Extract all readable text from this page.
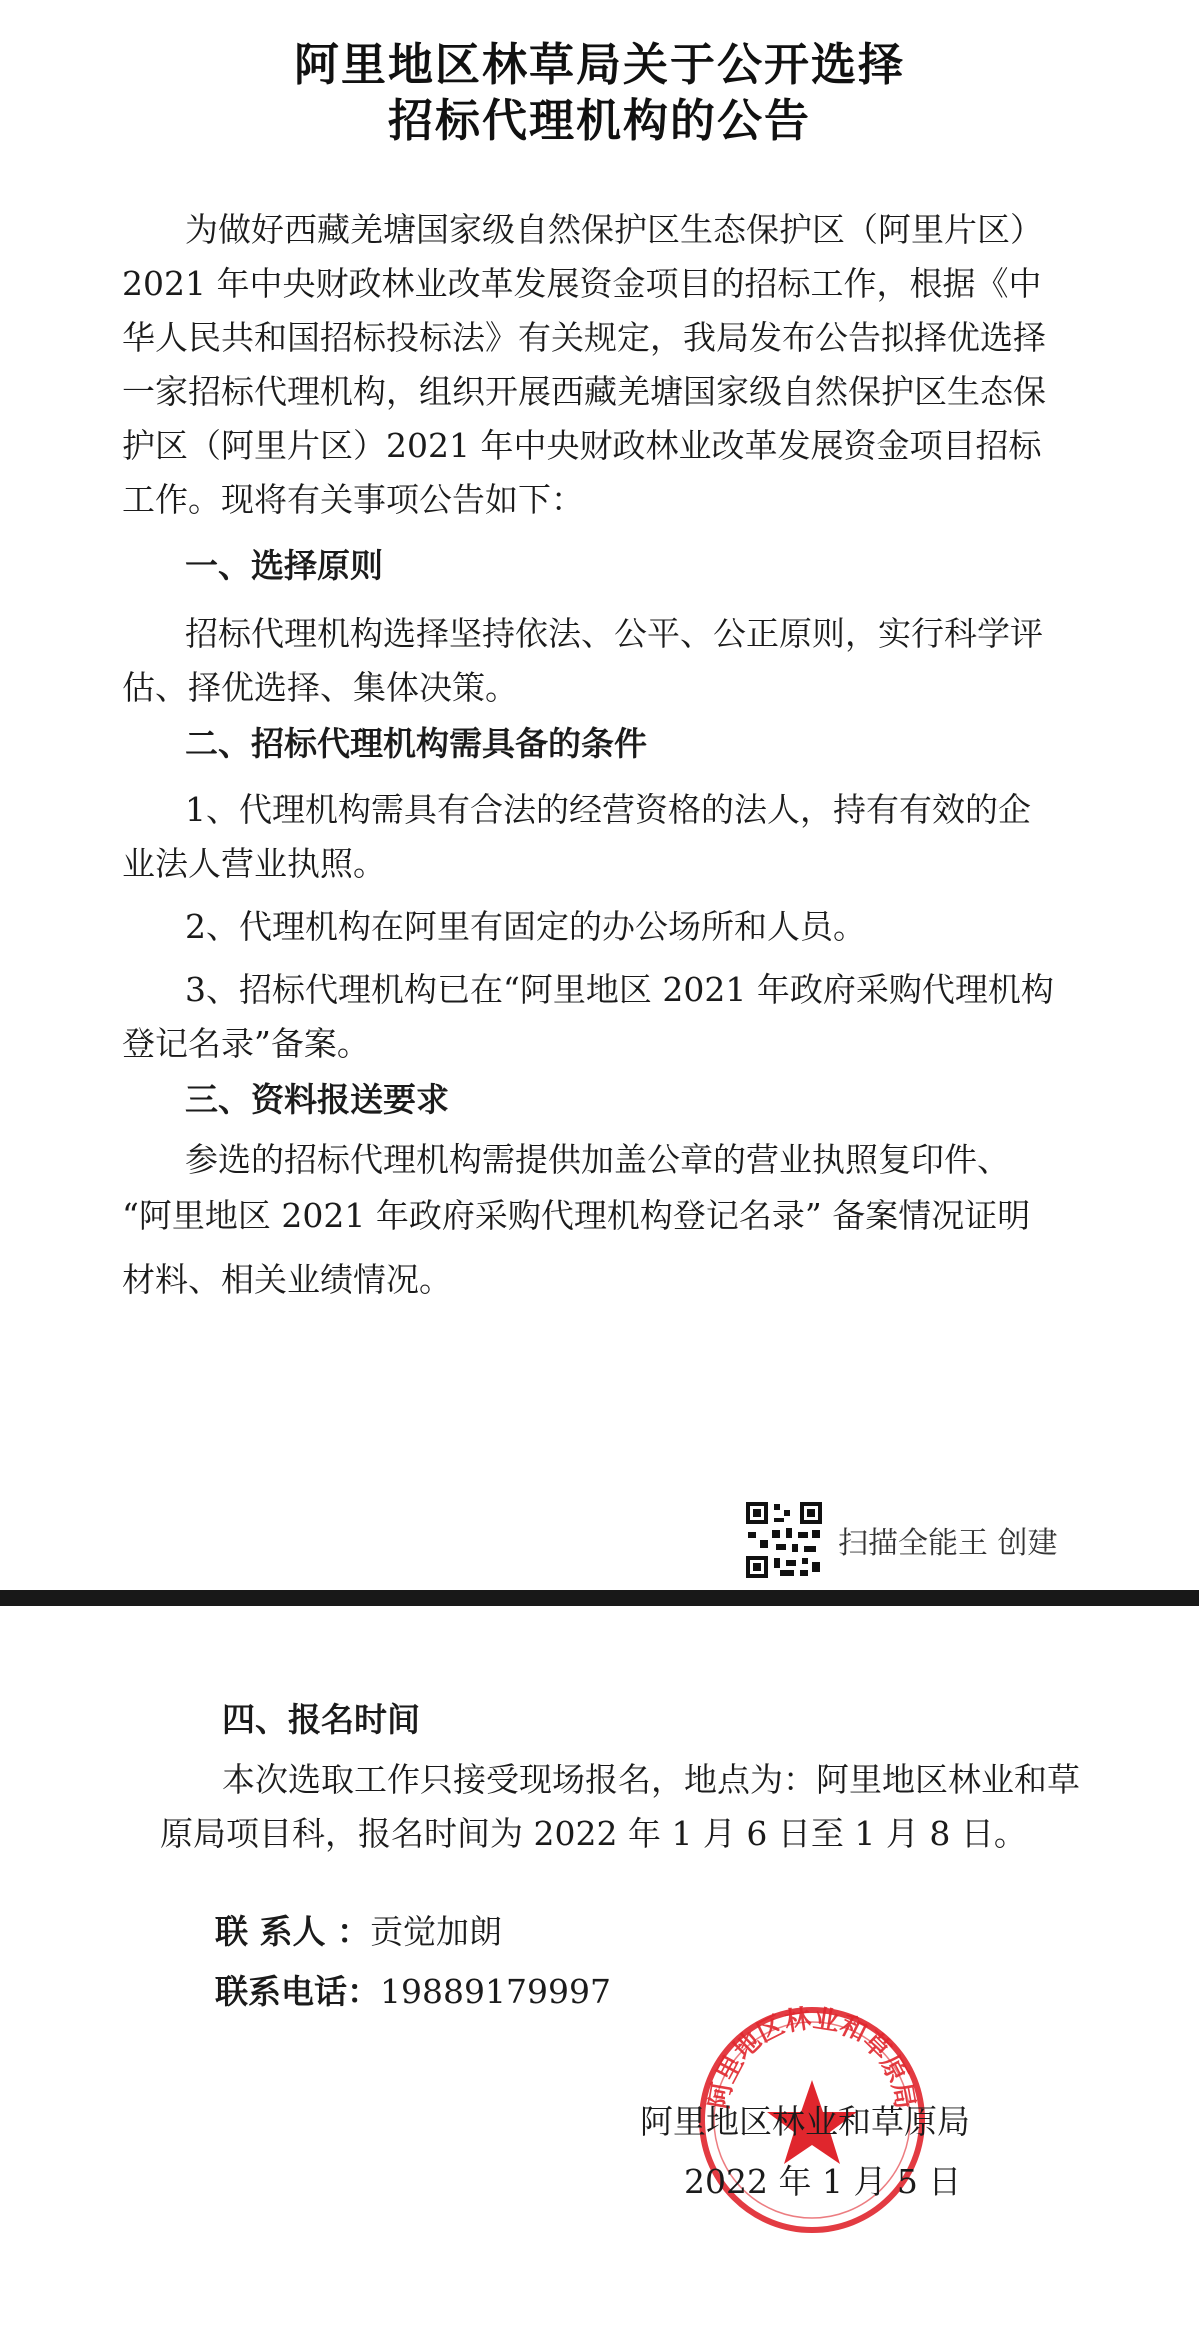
阿里地区林草局关于公开选择
招标代理机构的公告
为做好西藏羌塘国家级自然保护区生态保护区（阿里片区）
2021 年中央财政林业改革发展资金项目的招标工作，根据《中
华人民共和国招标投标法》有关规定，我局发布公告拟择优选择
一家招标代理机构，组织开展西藏羌塘国家级自然保护区生态保
护区（阿里片区）2021 年中央财政林业改革发展资金项目招标
工作。现将有关事项公告如下：
一、选择原则
招标代理机构选择坚持依法、公平、公正原则，实行科学评
估、择优选择、集体决策。
二、招标代理机构需具备的条件
1、代理机构需具有合法的经营资格的法人，持有有效的企
业法人营业执照。
2、代理机构在阿里有固定的办公场所和人员。
3、招标代理机构已在“阿里地区 2021 年政府采购代理机构
登记名录”备案。
三、资料报送要求
参选的招标代理机构需提供加盖公章的营业执照复印件、
“阿里地区 2021 年政府采购代理机构登记名录” 备案情况证明
材料、相关业绩情况。
扫描全能王 创建
四、报名时间
本次选取工作只接受现场报名，地点为：阿里地区林业和草
原局项目科，报名时间为 2022 年 1 月 6 日至 1 月 8 日。
联 系人 ：贡觉加朗
联系电话：19889179997
阿里地区林业和草原局
阿里地区林业和草原局
2022 年 1 月 5 日
